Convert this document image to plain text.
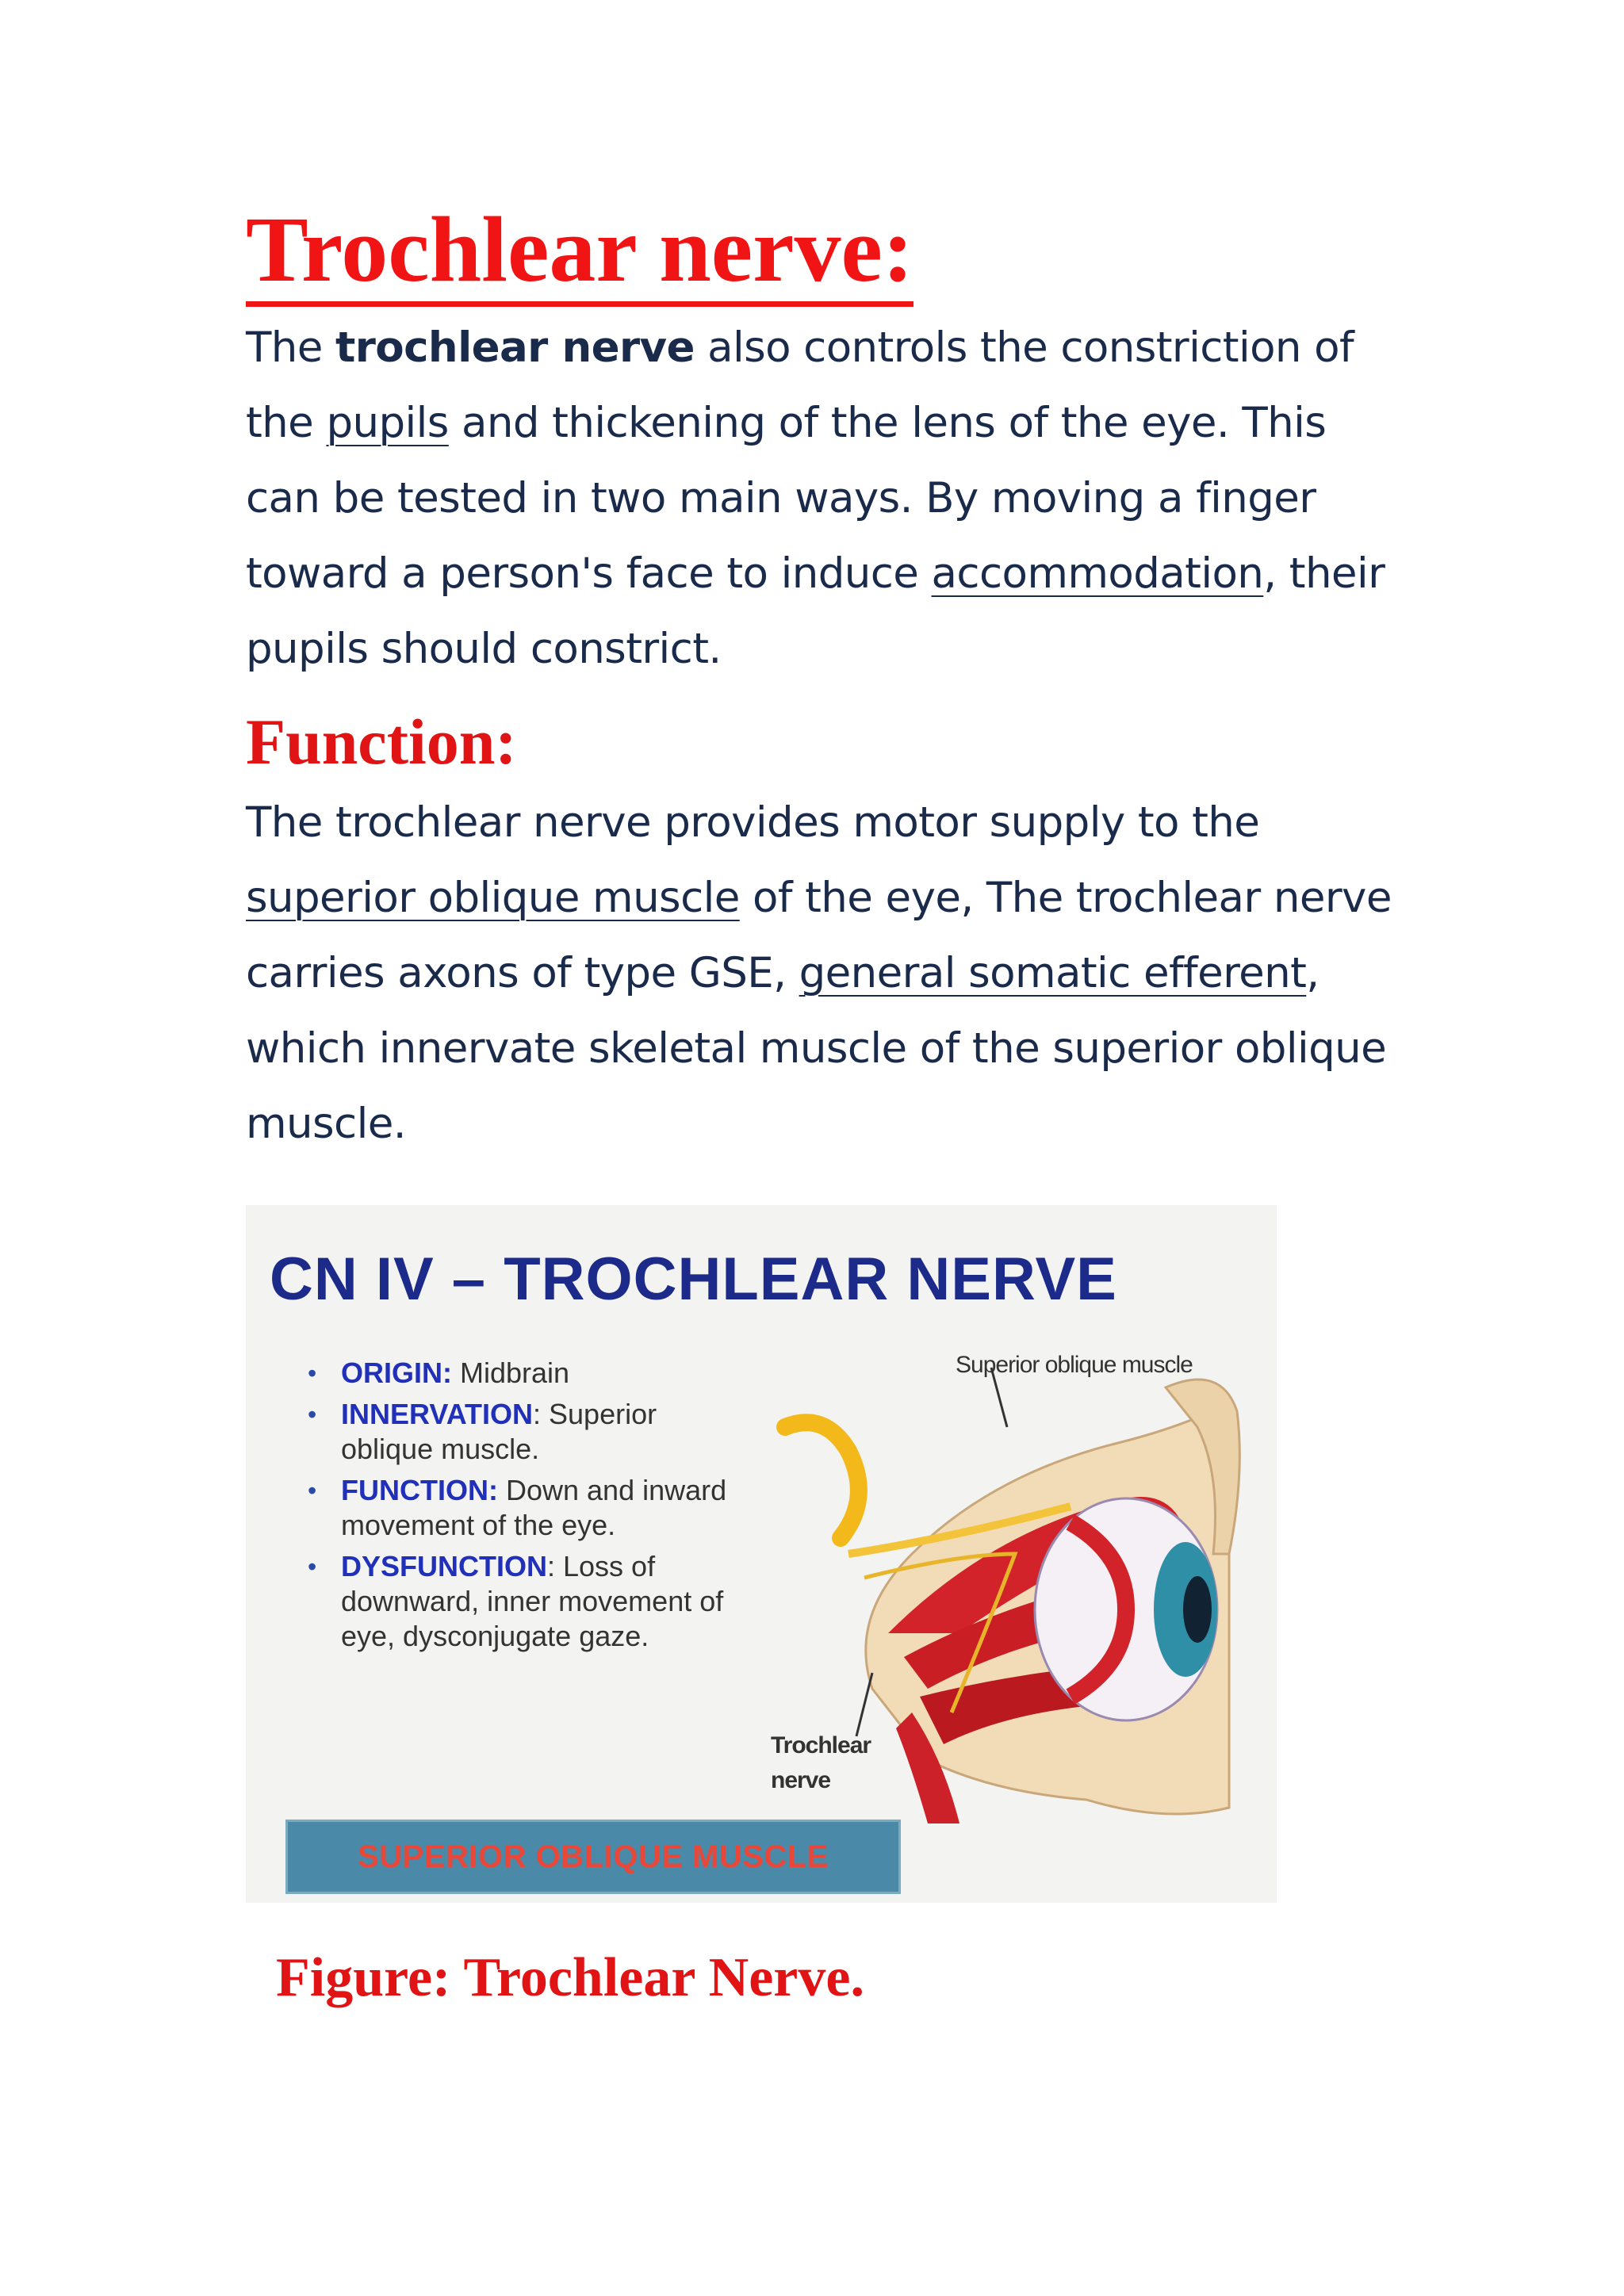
Trochlear nerve:

The trochlear nerve also controls the constriction of the pupils and thickening of the lens of the eye. This can be tested in two main ways. By moving a finger toward a person's face to induce accommodation, their pupils should constrict.

Function:

The trochlear nerve provides motor supply to the superior oblique muscle of the eye, The trochlear nerve carries axons of type GSE, general somatic efferent, which innervate skeletal muscle of the superior oblique muscle.

CN IV – TROCHLEAR NERVE
• ORIGIN: Midbrain
• INNERVATION: Superior oblique muscle.
• FUNCTION: Down and inward movement of the eye.
• DYSFUNCTION: Loss of downward, inner movement of eye, dysconjugate gaze.
Superior oblique muscle
Trochlear nerve
SUPERIOR OBLIQUE MUSCLE
Figure: Trochlear Nerve.
